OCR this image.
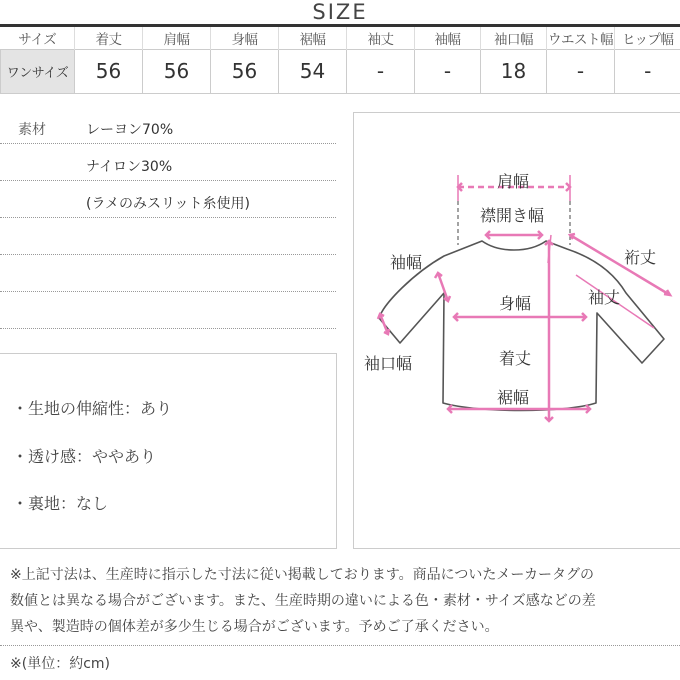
SIZE
サイズ	着丈	肩幅	身幅	裾幅	袖丈	袖幅	袖口幅	ウエスト幅	ヒップ幅
ワンサイズ	56	56	56	54	-	-	18	-	-
素材	レーヨン70%
ナイロン30%
(ラメのみスリット糸使用)
・生地の伸縮性：あり
・透け感：ややあり
・裏地：なし
肩幅
襟開き幅
裄丈
袖幅
袖丈
身幅
袖口幅	着丈
裾幅
※上記寸法は、生産時に指示した寸法に従い掲載しております。商品についたメーカータグの
数値とは異なる場合がございます。また、生産時期の違いによる色・素材・サイズ感などの差
異や、製造時の個体差が多少生じる場合がございます。予めご了承ください。
※(単位：約cm)
